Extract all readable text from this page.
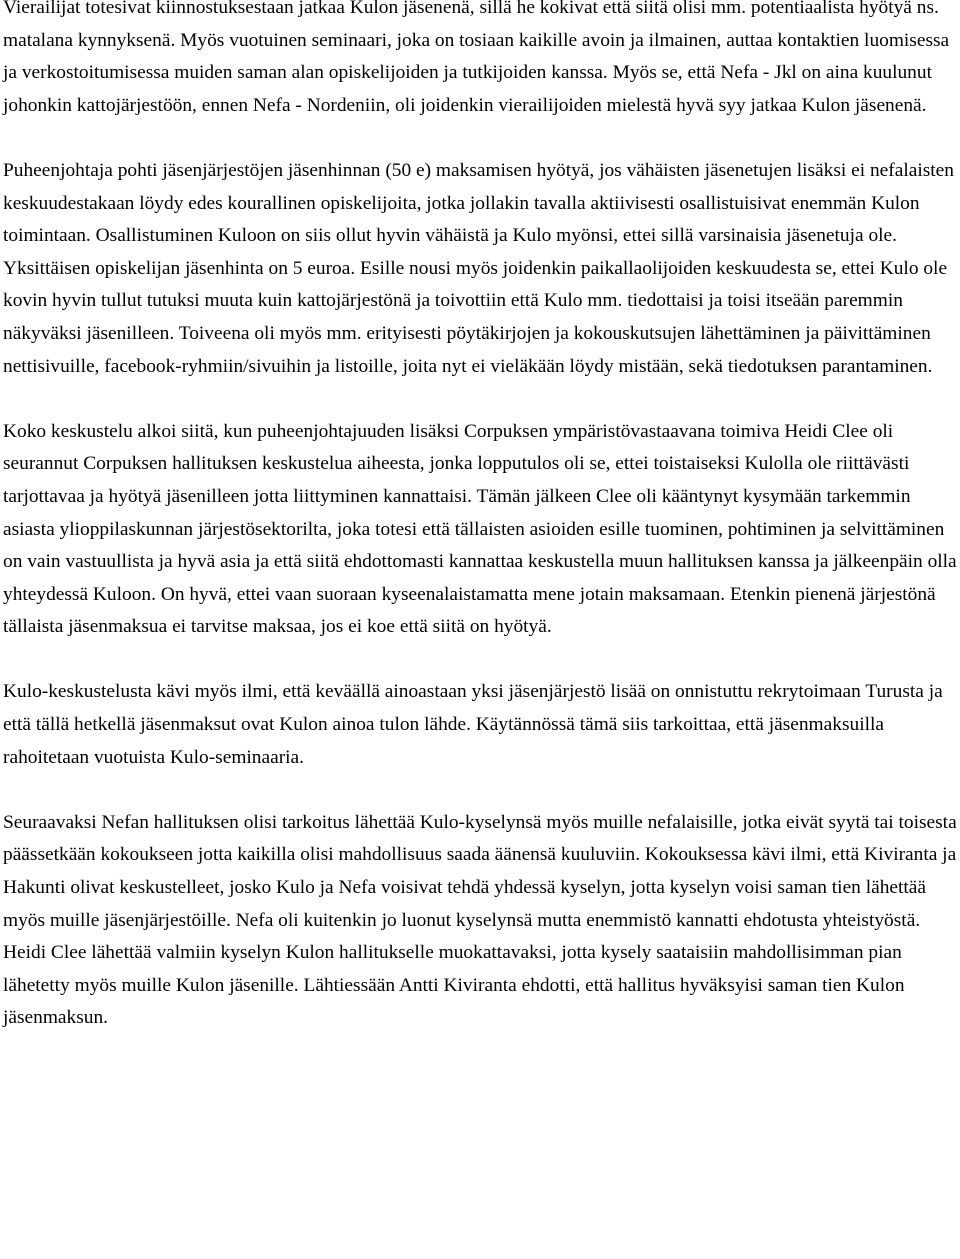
Vierailijat totesivat kiinnostuksestaan jatkaa Kulon jäsenenä, sillä he kokivat että siitä olisi mm. potentiaalista hyötyä ns. matalana kynnyksenä. Myös vuotuinen seminaari, joka on tosiaan kaikille avoin ja ilmainen, auttaa kontaktien luomisessa ja verkostoitumisessa muiden saman alan opiskelijoiden ja tutkijoiden kanssa. Myös se, että Nefa - Jkl on aina kuulunut johonkin kattojärjestöön, ennen Nefa - Nordeniin, oli joidenkin vierailijoiden mielestä hyvä syy jatkaa Kulon jäsenenä.

Puheenjohtaja pohti jäsenjärjestöjen jäsenhinnan (50 e) maksamisen hyötyä, jos vähäisten jäsenetujen lisäksi ei nefalaisten keskuudestakaan löydy edes kourallinen opiskelijoita, jotka jollakin tavalla aktiivisesti osallistuisivat enemmän Kulon toimintaan. Osallistuminen Kuloon on siis ollut hyvin vähäistä ja Kulo myönsi, ettei sillä varsinaisia jäsenetuja ole. Yksittäisen opiskelijan jäsenhinta on 5 euroa. Esille nousi myös joidenkin paikallaolijoiden keskuudesta se, ettei Kulo ole kovin hyvin tullut tutuksi muuta kuin kattojärjestönä ja toivottiin että Kulo mm. tiedottaisi ja toisi itseään paremmin näkyväksi jäsenilleen. Toiveena oli myös mm. erityisesti pöytäkirjojen ja kokouskutsujen lähettäminen ja päivittäminen nettisivuille, facebook-ryhmiin/sivuihin ja listoille, joita nyt ei vieläkään löydy mistään, sekä tiedotuksen parantaminen.

Koko keskustelu alkoi siitä, kun puheenjohtajuuden lisäksi Corpuksen ympäristövastaavana toimiva Heidi Clee oli seurannut Corpuksen hallituksen keskustelua aiheesta, jonka lopputulos oli se, ettei toistaiseksi Kulolla ole riittävästi tarjottavaa ja hyötyä jäsenilleen jotta liittyminen kannattaisi. Tämän jälkeen Clee oli kääntynyt kysymään tarkemmin asiasta ylioppilaskunnan järjestösektorilta, joka totesi että tällaisten asioiden esille tuominen, pohtiminen ja selvittäminen on vain vastuullista ja hyvä asia ja että siitä ehdottomasti kannattaa keskustella muun hallituksen kanssa ja jälkeenpäin olla yhteydessä Kuloon. On hyvä, ettei vaan suoraan kyseenalaistamatta mene jotain maksamaan. Etenkin pienenä järjestönä tällaista jäsenmaksua ei tarvitse maksaa, jos ei koe että siitä on hyötyä.

Kulo-keskustelusta kävi myös ilmi, että keväällä ainoastaan yksi jäsenjärjestö lisää on onnistuttu rekrytoimaan Turusta ja että tällä hetkellä jäsenmaksut ovat Kulon ainoa tulon lähde. Käytännössä tämä siis tarkoittaa, että jäsenmaksuilla rahoitetaan vuotuista Kulo-seminaaria.

Seuraavaksi Nefan hallituksen olisi tarkoitus lähettää Kulo-kyselynsä myös muille nefalaisille, jotka eivät syytä tai toisesta päässetkään kokoukseen jotta kaikilla olisi mahdollisuus saada äänensä kuuluviin. Kokouksessa kävi ilmi, että Kiviranta ja Hakunti olivat keskustelleet, josko Kulo ja Nefa voisivat tehdä yhdessä kyselyn, jotta kyselyn voisi saman tien lähettää myös muille jäsenjärjestöille. Nefa oli kuitenkin jo luonut kyselynsä mutta enemmistö kannatti ehdotusta yhteistyöstä. Heidi Clee lähettää valmiin kyselyn Kulon hallitukselle muokattavaksi, jotta kysely saataisiin mahdollisimman pian lähetetty myös muille Kulon jäsenille. Lähtiessään Antti Kiviranta ehdotti, että hallitus hyväksyisi saman tien Kulon jäsenmaksun.
